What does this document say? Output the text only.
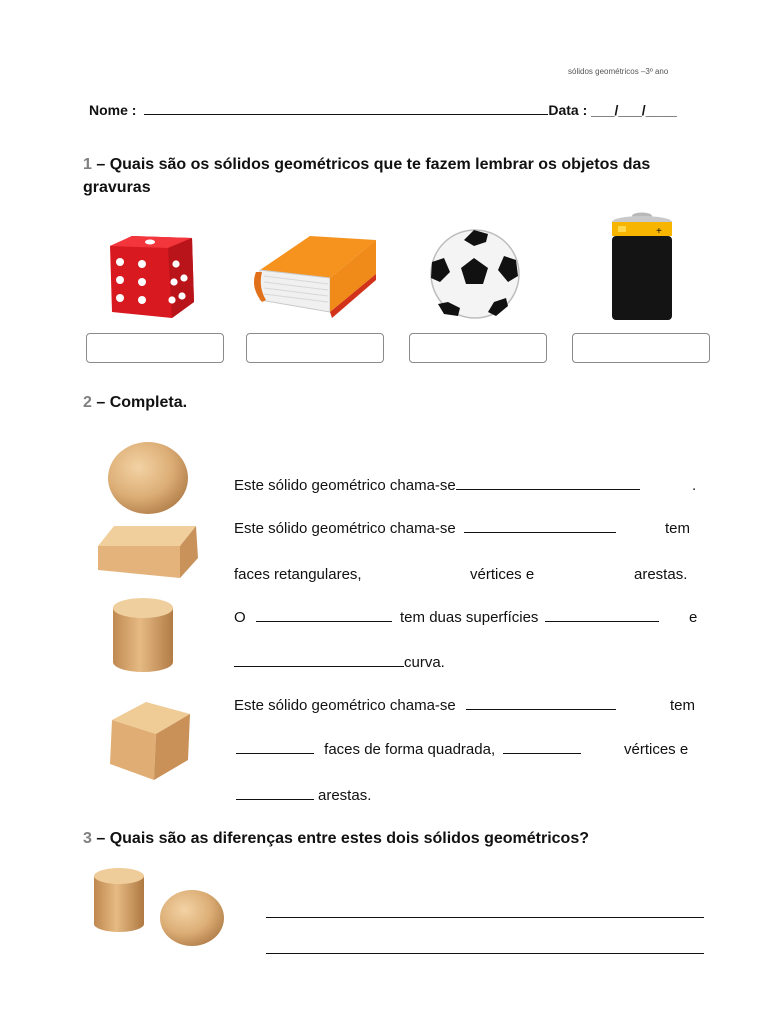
sólidos geométricos –3º ano
Nome :	Data : ___/___/____
1 – Quais são os sólidos geométricos que te fazem lembrar os objetos das
gravuras
+
2 – Completa.
Este sólido geométrico chama-se	.
Este sólido geométrico chama-se	tem
faces retangulares,	vértices e	arestas.
O	tem duas superfícies	e
curva.
Este sólido geométrico chama-se	tem
faces de forma quadrada,	vértices e
arestas.
3 – Quais são as diferenças entre estes dois sólidos geométricos?
